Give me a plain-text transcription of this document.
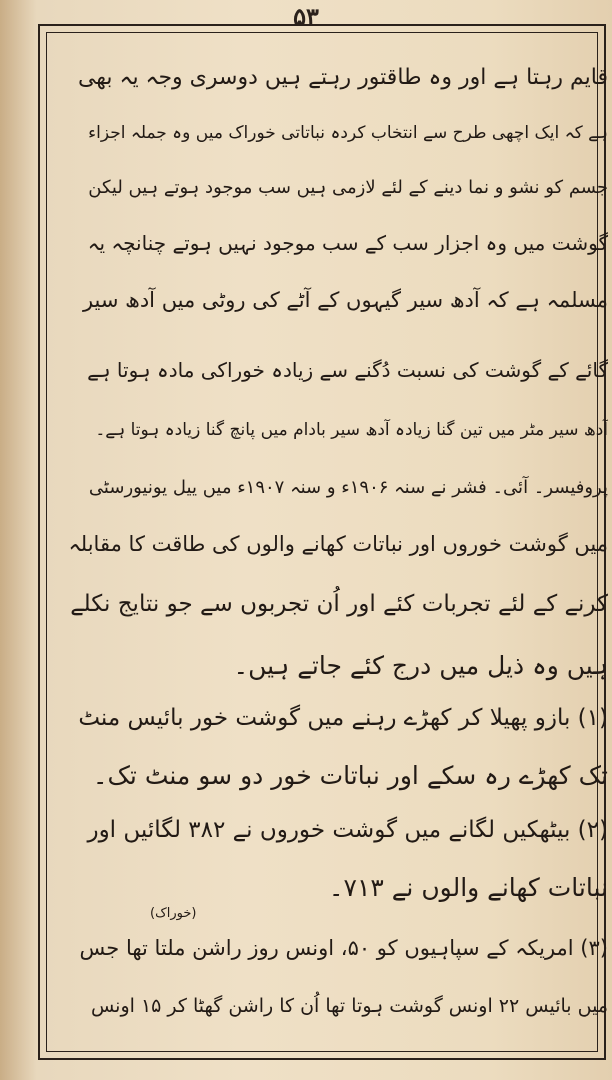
۵۳
قایم رہتا ہے اور وہ طاقتور رہتے ہیں دوسری وجہ یہ بھی
ہے کہ ایک اچھی طرح سے انتخاب کردہ نباتاتی خوراک میں وہ جملہ اجزاء
جسم کو نشو و نما دینے کے لئے لازمی ہیں سب موجود ہوتے ہیں لیکن
گوشت میں وہ اجزار سب کے سب موجود نہیں ہوتے چنانچہ یہ
مسلمہ ہے کہ آدھ سیر گیہوں کے آٹے کی روٹی میں آدھ سیر
گائے کے گوشت کی نسبت دُگنے سے زیادہ خوراکی مادہ ہوتا ہے
آدھ سیر مٹر میں تین گنا زیادہ آدھ سیر بادام میں پانچ گنا زیادہ ہوتا ہے۔
پروفیسر۔ آئی۔ فشر نے سنہ ۱۹۰۶ء و سنہ ۱۹۰۷ء میں ییل یونیورسٹی
میں گوشت خوروں اور نباتات کھانے والوں کی طاقت کا مقابلہ
کرنے کے لئے تجربات کئے اور اُن تجربوں سے جو نتایج نکلے
ہیں وہ ذیل میں درج کئے جاتے ہیں۔
(۱) بازو پھیلا کر کھڑے رہنے میں گوشت خور بائیس منٹ
تک کھڑے رہ سکے اور نباتات خور دو سو منٹ تک۔
(۲) بیٹھکیں لگانے میں گوشت خوروں نے ۳۸۲ لگائیں اور
نباتات کھانے والوں نے ۷۱۳۔
(۳) امریکہ کے سپاہیوں کو ۵۰، اونس روز راشن ملتا تھا جس
میں بائیس ۲۲ اونس گوشت ہوتا تھا اُن کا راشن گھٹا کر ۱۵ اونس
(خوراک)
